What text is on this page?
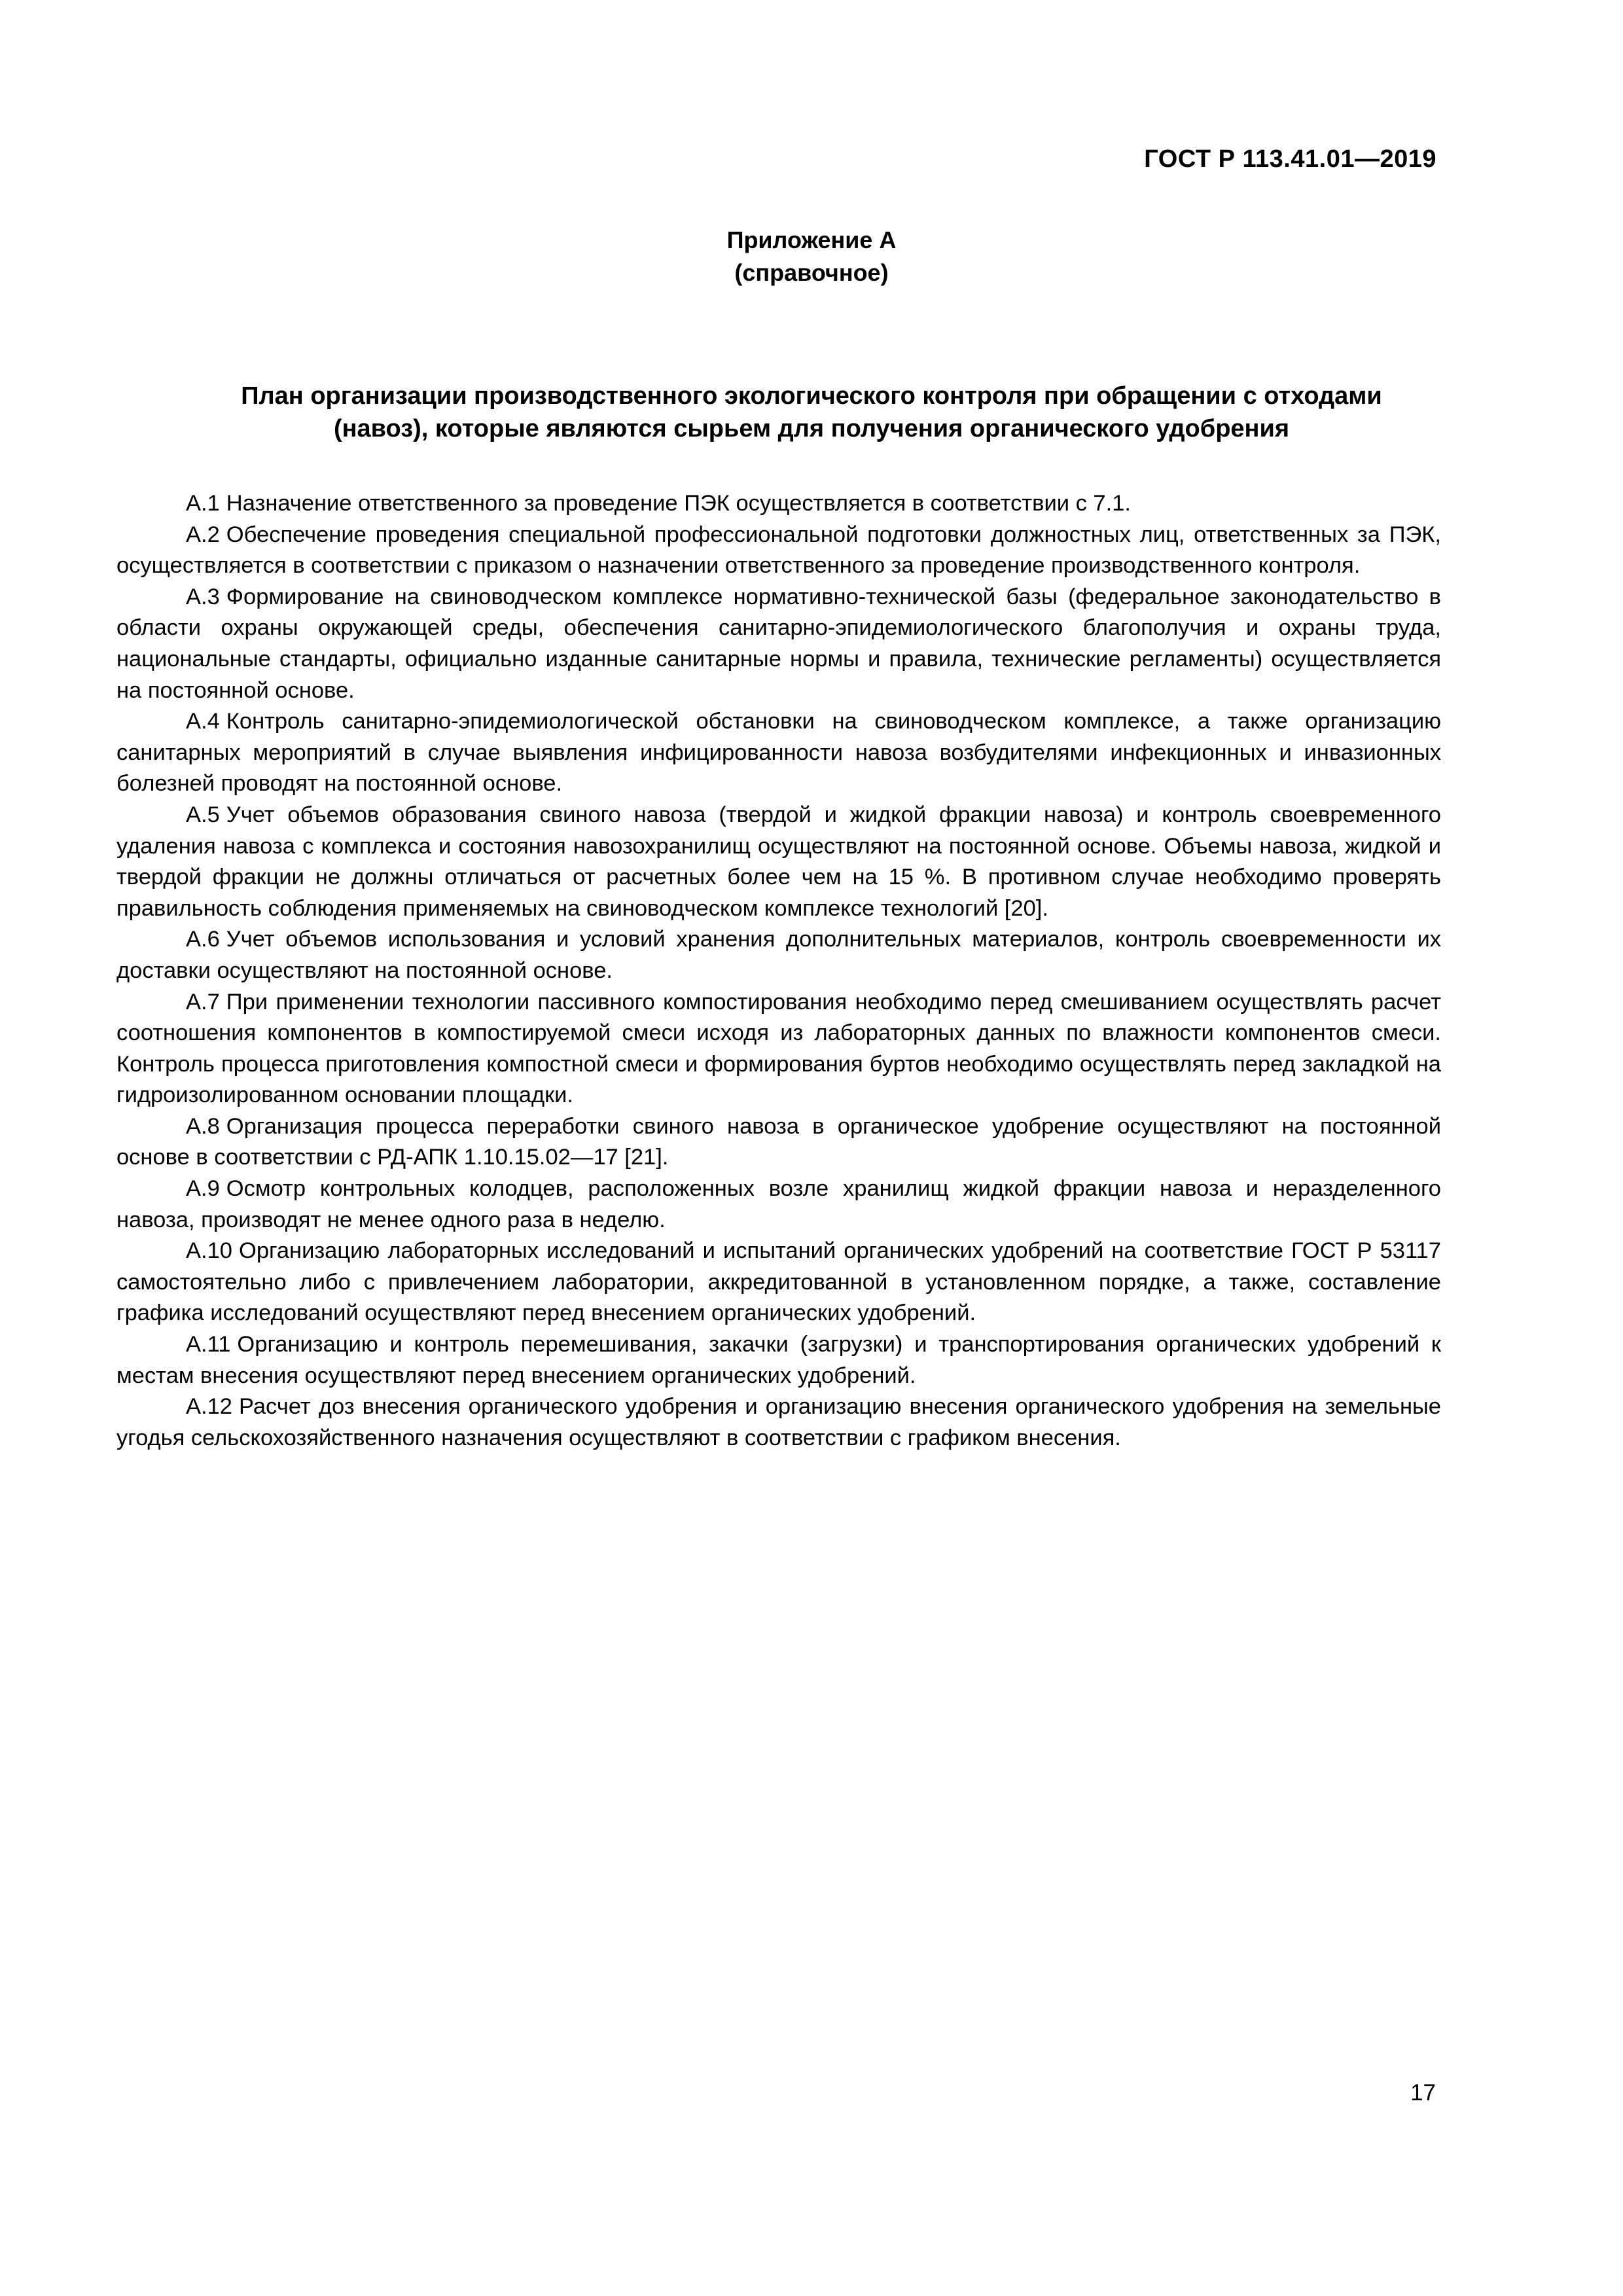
ГОСТ Р 113.41.01—2019

Приложение А
(справочное)
План организации производственного экологического контроля при обращении с отходами
(навоз), которые являются сырьем для получения органического удобрения

А.1 Назначение ответственного за проведение ПЭК осуществляется в соответствии с 7.1.

А.2 Обеспечение проведения специальной профессиональной подготовки должностных лиц, ответственных за ПЭК, осуществляется в соответствии с приказом о назначении ответственного за проведение производственного контроля.

А.3 Формирование на свиноводческом комплексе нормативно-технической базы (федеральное законодательство в области охраны окружающей среды, обеспечения санитарно-эпидемиологического благополучия и охраны труда, национальные стандарты, официально изданные санитарные нормы и правила, технические регламенты) осуществляется на постоянной основе.

А.4 Контроль санитарно-эпидемиологической обстановки на свиноводческом комплексе, а также организацию санитарных мероприятий в случае выявления инфицированности навоза возбудителями инфекционных и инвазионных болезней проводят на постоянной основе.

А.5 Учет объемов образования свиного навоза (твердой и жидкой фракции навоза) и контроль своевременного удаления навоза с комплекса и состояния навозохранилищ осуществляют на постоянной основе. Объемы навоза, жидкой и твердой фракции не должны отличаться от расчетных более чем на 15 %. В противном случае необходимо проверять правильность соблюдения применяемых на свиноводческом комплексе технологий [20].

А.6 Учет объемов использования и условий хранения дополнительных материалов, контроль своевременности их доставки осуществляют на постоянной основе.

А.7 При применении технологии пассивного компостирования необходимо перед смешиванием осуществлять расчет соотношения компонентов в компостируемой смеси исходя из лабораторных данных по влажности компонентов смеси. Контроль процесса приготовления компостной смеси и формирования буртов необходимо осуществлять перед закладкой на гидроизолированном основании площадки.

А.8 Организация процесса переработки свиного навоза в органическое удобрение осуществляют на постоянной основе в соответствии с РД-АПК 1.10.15.02—17 [21].

А.9 Осмотр контрольных колодцев, расположенных возле хранилищ жидкой фракции навоза и неразделенного навоза, производят не менее одного раза в неделю.

А.10 Организацию лабораторных исследований и испытаний органических удобрений на соответствие ГОСТ Р 53117 самостоятельно либо с привлечением лаборатории, аккредитованной в установленном порядке, а также, составление графика исследований осуществляют перед внесением органических удобрений.

А.11 Организацию и контроль перемешивания, закачки (загрузки) и транспортирования органических удобрений к местам внесения осуществляют перед внесением органических удобрений.

А.12 Расчет доз внесения органического удобрения и организацию внесения органического удобрения на земельные угодья сельскохозяйственного назначения осуществляют в соответствии с графиком внесения.

17
